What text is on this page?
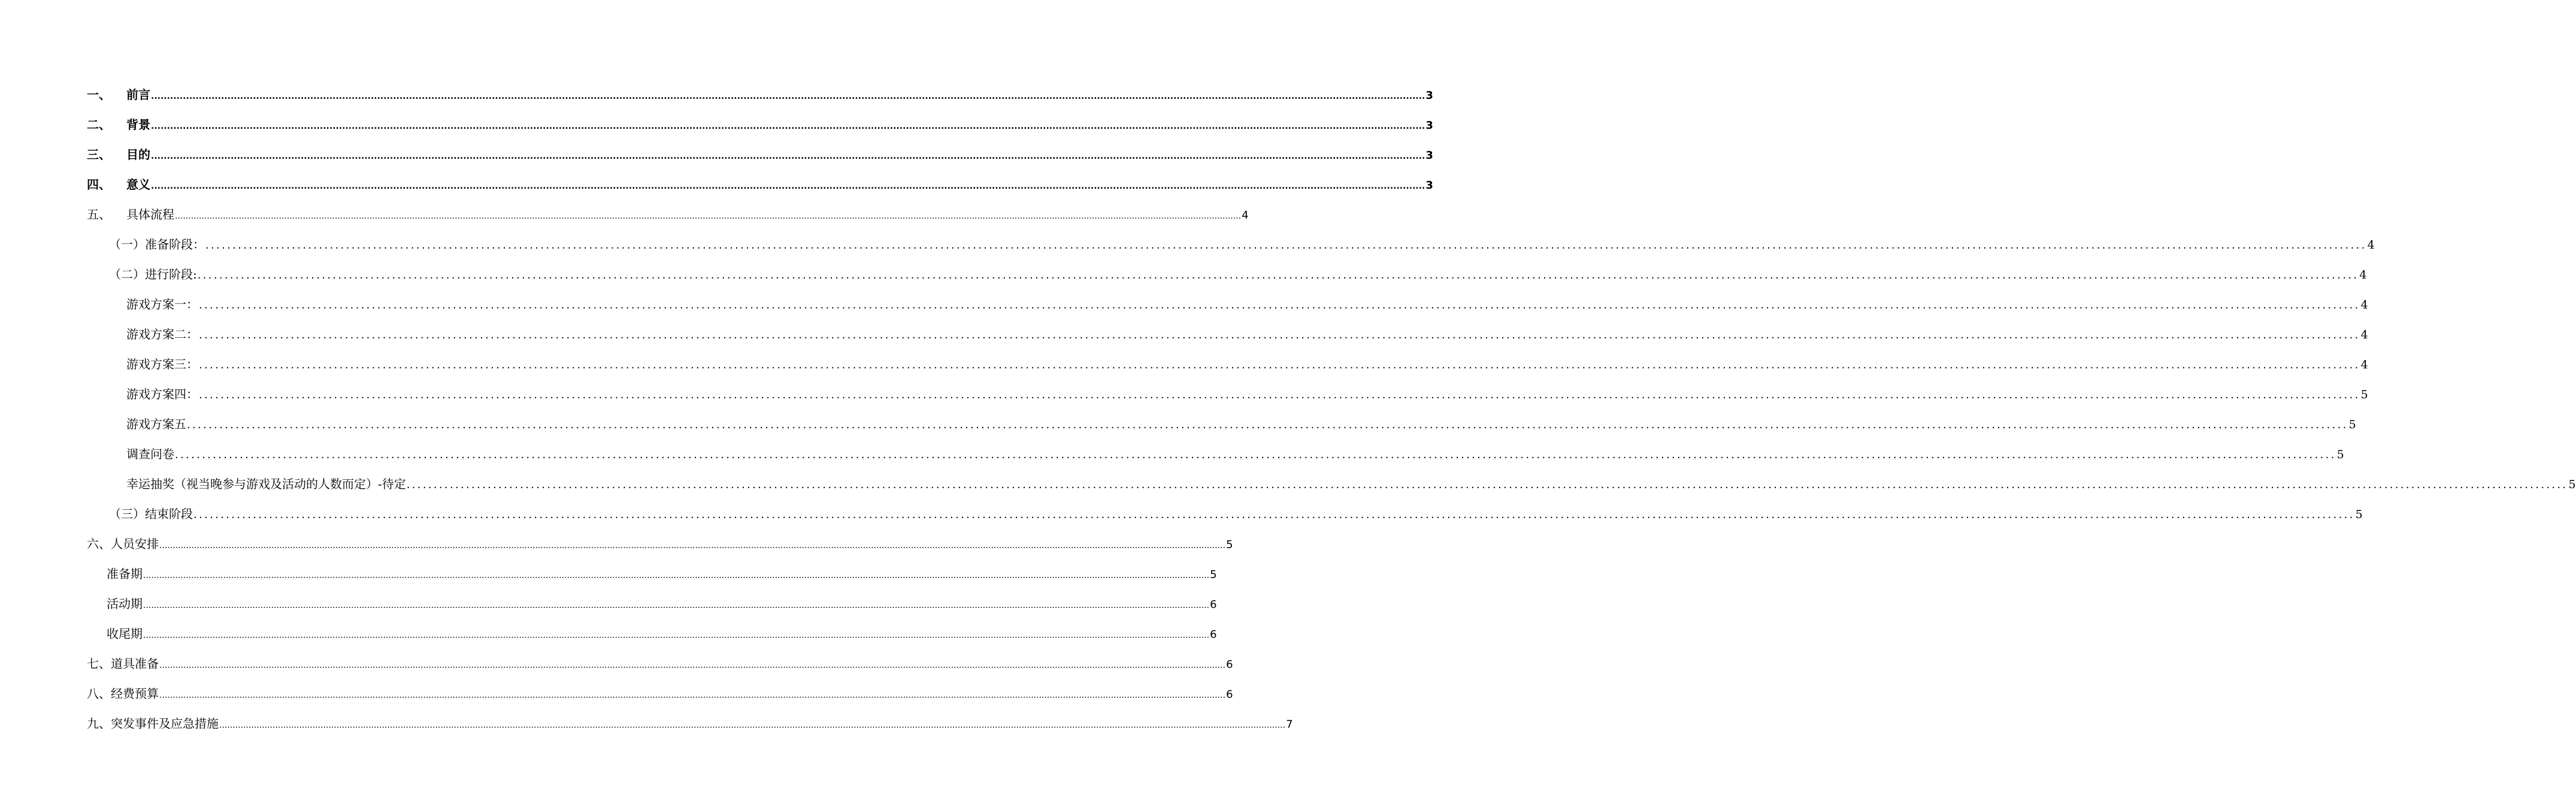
一、	前言 ................................................................................................................................................................................................................................................................................................................................................................................................................ 3
二、	背景 ................................................................................................................................................................................................................................................................................................................................................................................................................ 3
三、	目的 ................................................................................................................................................................................................................................................................................................................................................................................................................ 3
四、	意义 ................................................................................................................................................................................................................................................................................................................................................................................................................ 3
五、	具体流程 ................................................................................................................................................................................................................................................................................................................................................................................................................ 4
（一）准备阶段： ................................................................................................................................................................................................................................................................................................................................................................................................................ 4
（二）进行阶段: ................................................................................................................................................................................................................................................................................................................................................................................................................ 4
游戏方案一： ................................................................................................................................................................................................................................................................................................................................................................................................................ 4
游戏方案二： ................................................................................................................................................................................................................................................................................................................................................................................................................ 4
游戏方案三： ................................................................................................................................................................................................................................................................................................................................................................................................................ 4
游戏方案四： ................................................................................................................................................................................................................................................................................................................................................................................................................ 5
游戏方案五 ................................................................................................................................................................................................................................................................................................................................................................................................................ 5
调查问卷 ................................................................................................................................................................................................................................................................................................................................................................................................................ 5
幸运抽奖（视当晚参与游戏及活动的人数而定）-待定 ................................................................................................................................................................................................................................................................................................................................................................................................................ 5
（三）结束阶段 ................................................................................................................................................................................................................................................................................................................................................................................................................ 5
六、人员安排 ................................................................................................................................................................................................................................................................................................................................................................................................................ 5
准备期 ................................................................................................................................................................................................................................................................................................................................................................................................................ 5
活动期 ................................................................................................................................................................................................................................................................................................................................................................................................................ 6
收尾期 ................................................................................................................................................................................................................................................................................................................................................................................................................ 6
七、道具准备 ................................................................................................................................................................................................................................................................................................................................................................................................................ 6
八、经费预算 ................................................................................................................................................................................................................................................................................................................................................................................................................ 6
九、突发事件及应急措施 ................................................................................................................................................................................................................................................................................................................................................................................................................ 7
